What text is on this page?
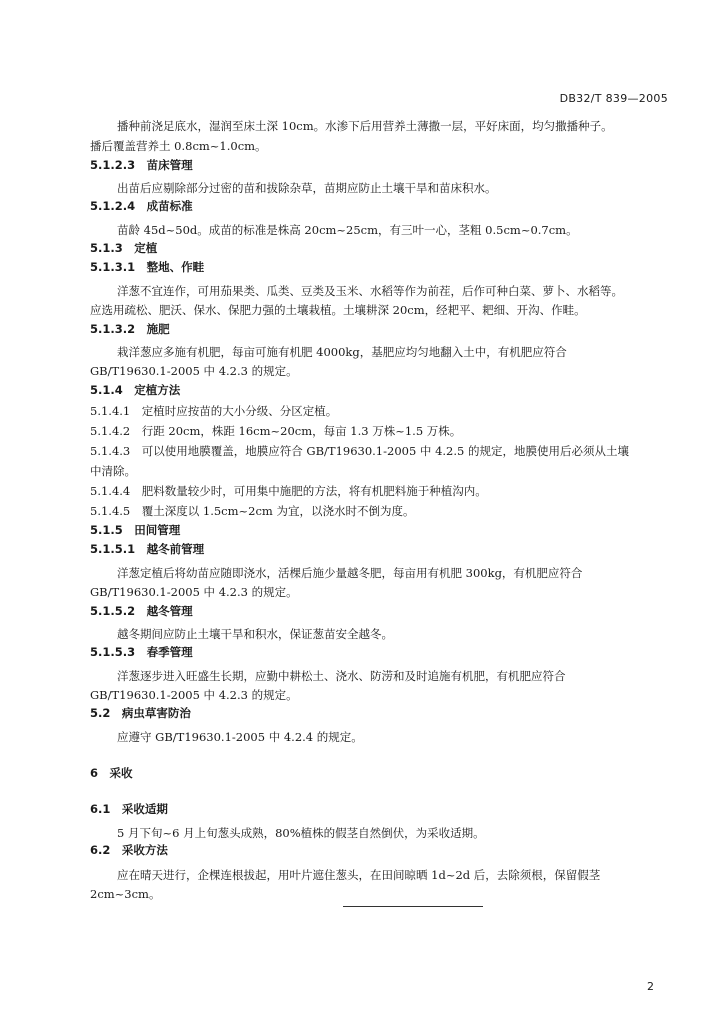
DB32/T 839—2005
播种前浇足底水，湿润至床土深 10cm。水渗下后用营养土薄撒一层，平好床面，均匀撒播种子。
播后覆盖营养土 0.8cm~1.0cm。
5.1.2.3　苗床管理
出苗后应剔除部分过密的苗和拔除杂草，苗期应防止土壤干旱和苗床积水。
5.1.2.4　成苗标准
苗龄 45d~50d。成苗的标准是株高 20cm~25cm，有三叶一心，茎粗 0.5cm~0.7cm。
5.1.3　定植
5.1.3.1　整地、作畦
洋葱不宜连作，可用茄果类、瓜类、豆类及玉米、水稻等作为前茬，后作可种白菜、萝卜、水稻等。
应选用疏松、肥沃、保水、保肥力强的土壤栽植。土壤耕深 20cm，经耙平、耙细、开沟、作畦。
5.1.3.2　施肥
栽洋葱应多施有机肥，每亩可施有机肥 4000kg，基肥应均匀地翻入土中，有机肥应符合
GB/T19630.1-2005 中 4.2.3 的规定。
5.1.4　定植方法
5.1.4.1　定植时应按苗的大小分级、分区定植。
5.1.4.2　行距 20cm，株距 16cm~20cm，每亩 1.3 万株~1.5 万株。
5.1.4.3　可以使用地膜覆盖，地膜应符合 GB/T19630.1-2005 中 4.2.5 的规定，地膜使用后必须从土壤
中清除。
5.1.4.4　肥料数量较少时，可用集中施肥的方法，将有机肥料施于种植沟内。
5.1.4.5　覆土深度以 1.5cm~2cm 为宜，以浇水时不倒为度。
5.1.5　田间管理
5.1.5.1　越冬前管理
洋葱定植后将幼苗应随即浇水，活棵后施少量越冬肥，每亩用有机肥 300kg，有机肥应符合
GB/T19630.1-2005 中 4.2.3 的规定。
5.1.5.2　越冬管理
越冬期间应防止土壤干旱和积水，保证葱苗安全越冬。
5.1.5.3　春季管理
洋葱逐步进入旺盛生长期，应勤中耕松土、浇水、防涝和及时追施有机肥，有机肥应符合
GB/T19630.1-2005 中 4.2.3 的规定。
5.2　病虫草害防治
应遵守 GB/T19630.1-2005 中 4.2.4 的规定。
6　采收
6.1　采收适期
5 月下旬~6 月上旬葱头成熟，80%植株的假茎自然倒伏，为采收适期。
6.2　采收方法
应在晴天进行，企棵连根拔起，用叶片遮住葱头，在田间晾晒 1d~2d 后，去除须根，保留假茎
2cm~3cm。
2
